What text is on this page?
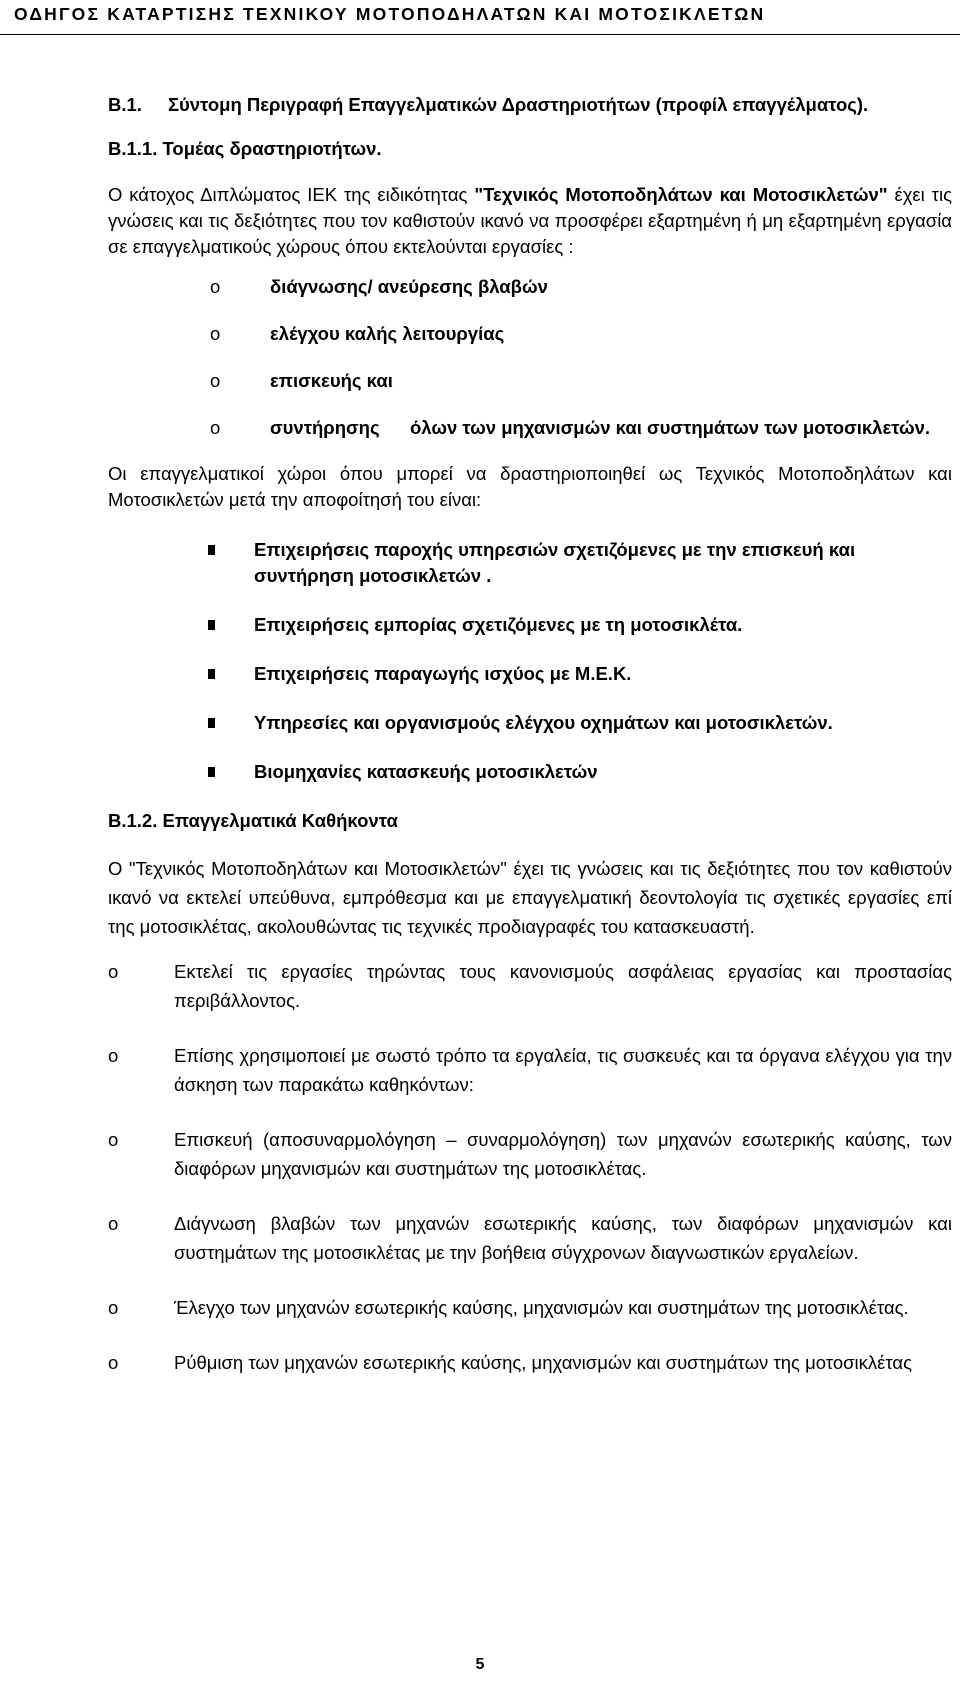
ΟΔΗΓΟΣ ΚΑΤΑΡΤΙΣΗΣ ΤΕΧΝΙΚΟΥ ΜΟΤΟΠΟΔΗΛΑΤΩΝ ΚΑΙ ΜΟΤΟΣΙΚΛΕΤΩΝ

Β.1. Σύντομη Περιγραφή Επαγγελματικών Δραστηριοτήτων (προφίλ επαγγέλματος).

Β.1.1. Τομέας δραστηριοτήτων.

Ο κάτοχος Διπλώματος ΙΕΚ της ειδικότητας "Τεχνικός Μοτοποδηλάτων και Μοτοσικλετών" έχει τις γνώσεις και τις δεξιότητες που τον καθιστούν ικανό να προσφέρει εξαρτημένη ή μη εξαρτημένη εργασία σε επαγγελματικούς χώρους όπου εκτελούνται εργασίες :

o	διάγνωσης/ ανεύρεσης βλαβών
o	ελέγχου καλής λειτουργίας
o	επισκευής και
o	συντήρησης όλων των μηχανισμών και συστημάτων των μοτοσικλετών.

Οι επαγγελματικοί χώροι όπου μπορεί να δραστηριοποιηθεί ως Τεχνικός Μοτοποδηλάτων και Μοτοσικλετών μετά την αποφοίτησή του είναι:

Επιχειρήσεις παροχής υπηρεσιών σχετιζόμενες με την επισκευή και συντήρηση μοτοσικλετών .
Επιχειρήσεις εμπορίας σχετιζόμενες με τη μοτοσικλέτα.
Επιχειρήσεις παραγωγής ισχύος με Μ.Ε.Κ.
Υπηρεσίες και οργανισμούς ελέγχου οχημάτων και μοτοσικλετών.
Βιομηχανίες κατασκευής μοτοσικλετών
Β.1.2. Επαγγελματικά Καθήκοντα

Ο "Τεχνικός Μοτοποδηλάτων και Μοτοσικλετών" έχει τις γνώσεις και τις δεξιότητες που τον καθιστούν ικανό να εκτελεί υπεύθυνα, εμπρόθεσμα και με επαγγελματική δεοντολογία τις σχετικές εργασίες επί της μοτοσικλέτας, ακολουθώντας τις τεχνικές προδιαγραφές του κατασκευαστή.

o	Εκτελεί τις εργασίες τηρώντας τους κανονισμούς ασφάλειας εργασίας και προστασίας περιβάλλοντος.
o	Επίσης χρησιμοποιεί με σωστό τρόπο τα εργαλεία, τις συσκευές και τα όργανα ελέγχου για την άσκηση των παρακάτω καθηκόντων:
o	Επισκευή (αποσυναρμολόγηση – συναρμολόγηση) των μηχανών εσωτερικής καύσης, των διαφόρων μηχανισμών και συστημάτων της μοτοσικλέτας.
o	Διάγνωση βλαβών των μηχανών εσωτερικής καύσης, των διαφόρων μηχανισμών και συστημάτων της μοτοσικλέτας με την βοήθεια σύγχρονων διαγνωστικών εργαλείων.
o	Έλεγχο των μηχανών εσωτερικής καύσης, μηχανισμών και συστημάτων της μοτοσικλέτας.
o	Ρύθμιση των μηχανών εσωτερικής καύσης, μηχανισμών και συστημάτων της μοτοσικλέτας
5
